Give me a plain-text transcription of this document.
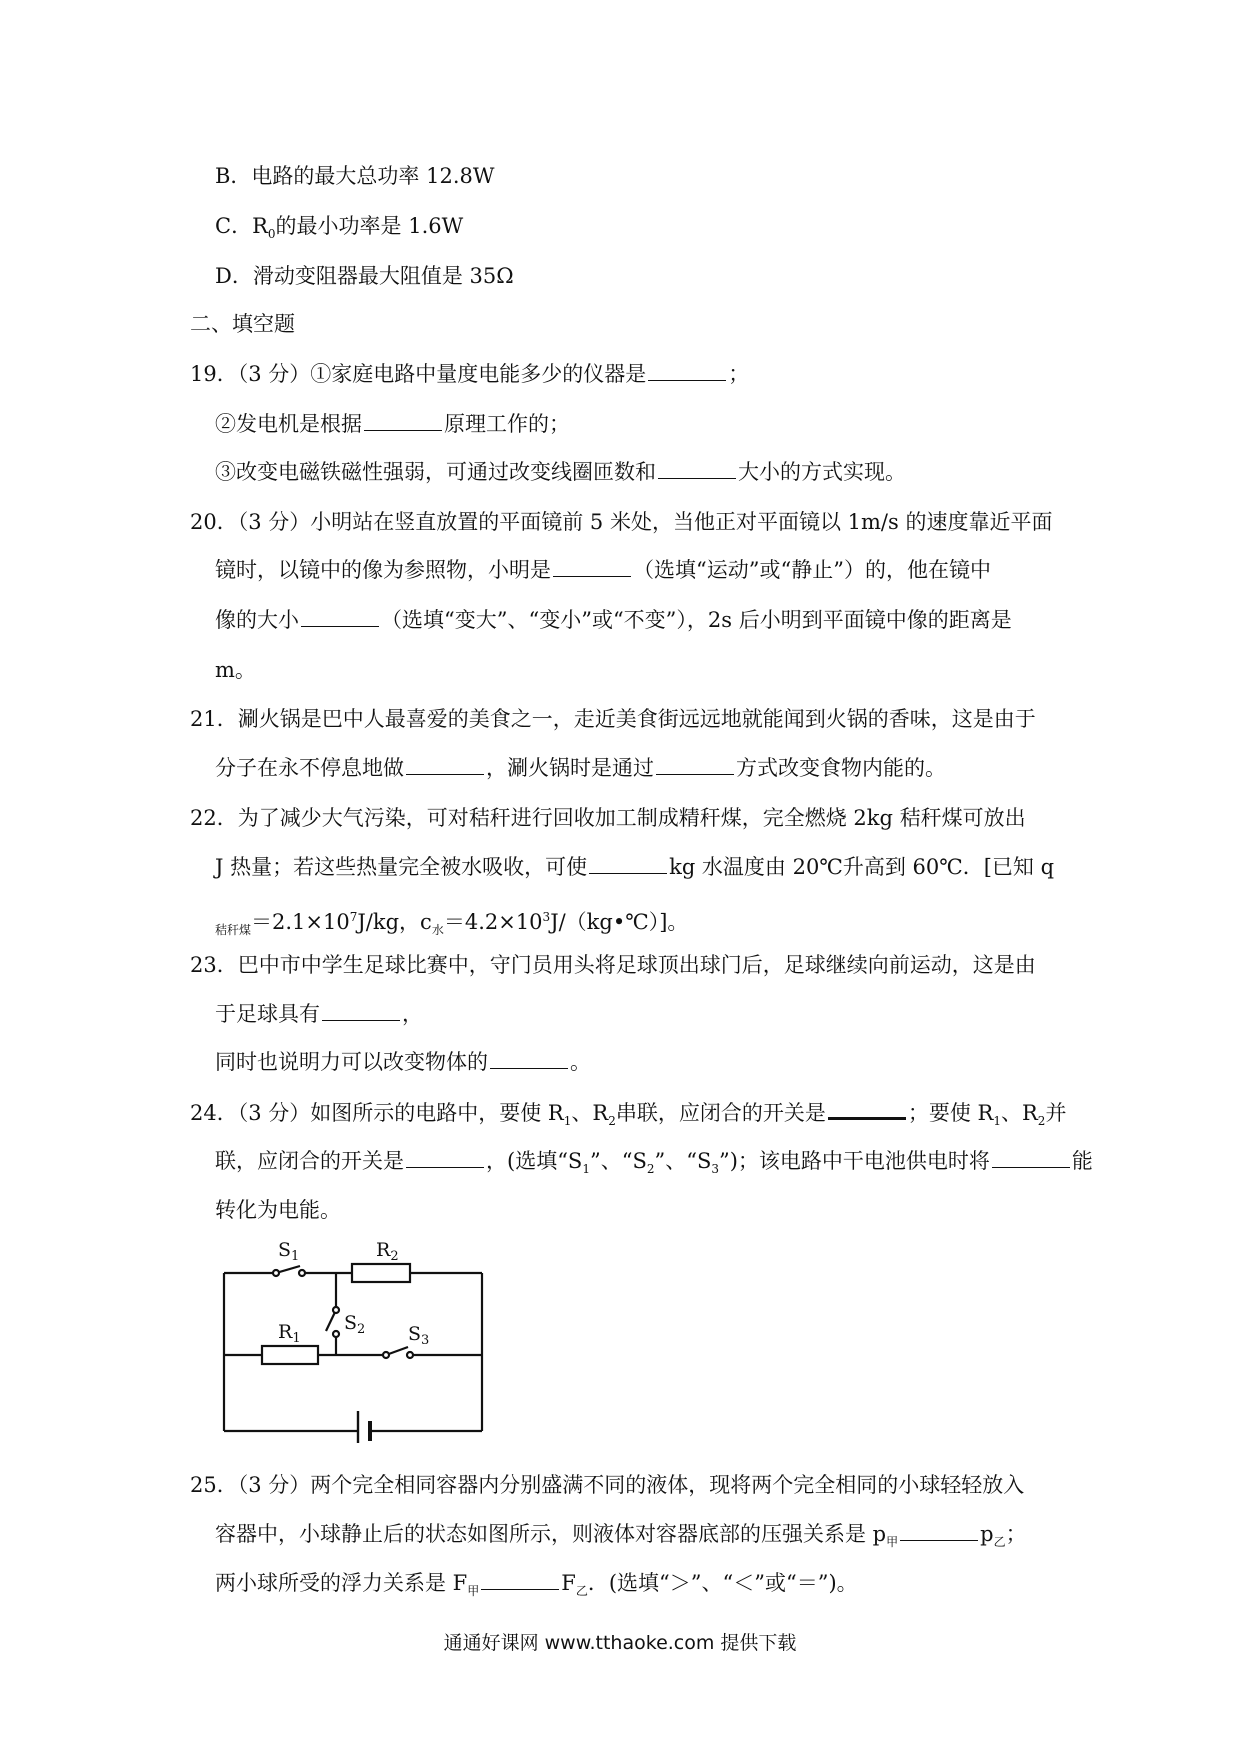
B．电路的最大总功率 12.8W
C．$R_0$的最小功率是 1.6W
D．滑动变阻器最大阻值是 35Ω
二、填空题
19．（3 分）①家庭电路中量度电能多少的仪器是	；
②发电机是根据	原理工作的；
③改变电磁铁磁性强弱，可通过改变线圈匝数和	大小的方式实现。
20．（3 分）小明站在竖直放置的平面镜前 5 米处，当他正对平面镜以 1m/s 的速度靠近平面
镜时，以镜中的像为参照物，小明是	（选填“运动”或“静止”）的，他在镜中
像的大小	（选填“变大”、“变小”或“不变”），2s 后小明到平面镜中像的距离是
m。
21．涮火锅是巴中人最喜爱的美食之一，走近美食街远远地就能闻到火锅的香味，这是由于
分子在永不停息地做	，涮火锅时是通过	方式改变食物内能的。
22．为了减少大气污染，可对秸秆进行回收加工制成精秆煤，完全燃烧 2kg 秸秆煤可放出
J 热量；若这些热量完全被水吸收，可使	kg 水温度由 20℃升高到 60℃．[已知 q
$_{秸秆煤}=2.1\times 10^7J/kg$，$c_水=4.2\times 10^3J/(kg•℃)$]。
23．巴中市中学生足球比赛中，守门员用头将足球顶出球门后，足球继续向前运动，这是由
于足球具有	，
同时也说明力可以改变物体的	。
24．（3 分）如图所示的电路中，要使 $R_1$、$R_2$串联，应闭合的开关是	；要使 $R_1$、$R_2$并
联，应闭合的开关是	，(选填“$S_1$”、“$S_2$”、“$S_3$”)；该电路中干电池供电时将	能
转化为电能。
$S_1$	$R_2$
$R_1$
$S_2$ $S_3$
25．（3 分）两个完全相同容器内分别盛满不同的液体，现将两个完全相同的小球轻轻放入
容器中，小球静止后的状态如图所示，则液体对容器底部的压强关系是 $p_甲$	$p_乙$；
两小球所受的浮力关系是 $F_甲$	$F_乙$．(选填“＞”、“＜”或“＝”)。
通通好课网 www.tthaoke.com 提供下载
